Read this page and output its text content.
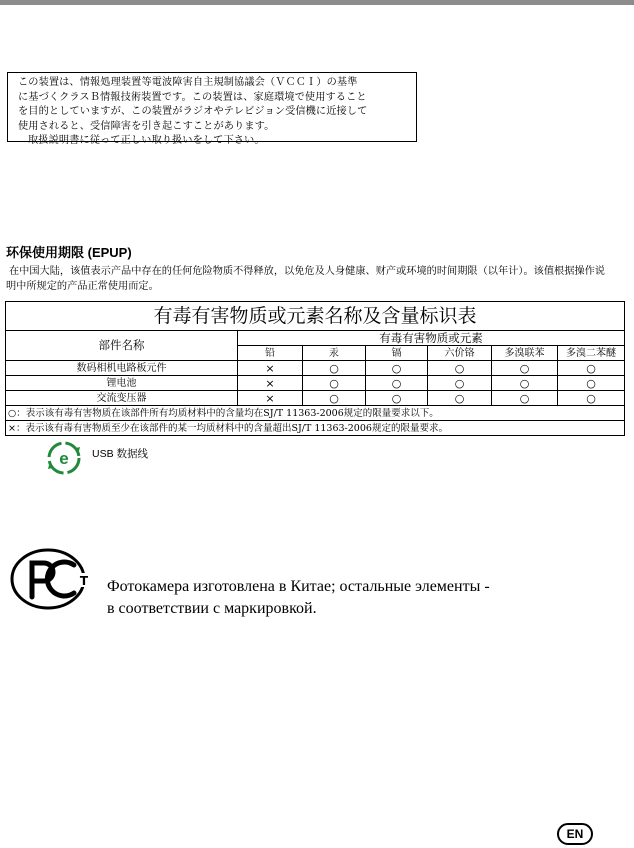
この装置は、情報処理装置等電波障害自主規制協議会（ＶＣＣＩ）の基準
に基づくクラスＢ情報技術装置です。この装置は、家庭環境で使用すること
を目的としていますが、この装置がラジオやテレビジョン受信機に近接して
使用されると、受信障害を引き起こすことがあります。
取扱説明書に従って正しい取り扱いをして下さい。
环保使用期限 (EPUP)
在中国大陆，该值表示产品中存在的任何危险物质不得释放，以免危及人身健康、财产或环境的时间期限（以年计）。该值根据操作说
明中所规定的产品正常使用而定。
有毒有害物质或元素名称及含量标识表						
部件名称	有毒有害物质或元素					
	铅	汞	镉	六价铬	多溴联苯	多溴二苯醚
数码相机电路板元件	×	○	○	○	○	○
锂电池	×	○	○	○	○	○
交流变压器	×	○	○	○	○	○
○：表示该有毒有害物质在该部件所有均质材料中的含量均在SJ/T 11363-2006规定的限量要求以下。						
×：表示该有毒有害物质至少在该部件的某一均质材料中的含量超出SJ/T 11363-2006规定的限量要求。						
e USB 数据线
Т Фотокамера изготовлена в Китае; остальные элементы -
в соответствии с маркировкой.
EN
